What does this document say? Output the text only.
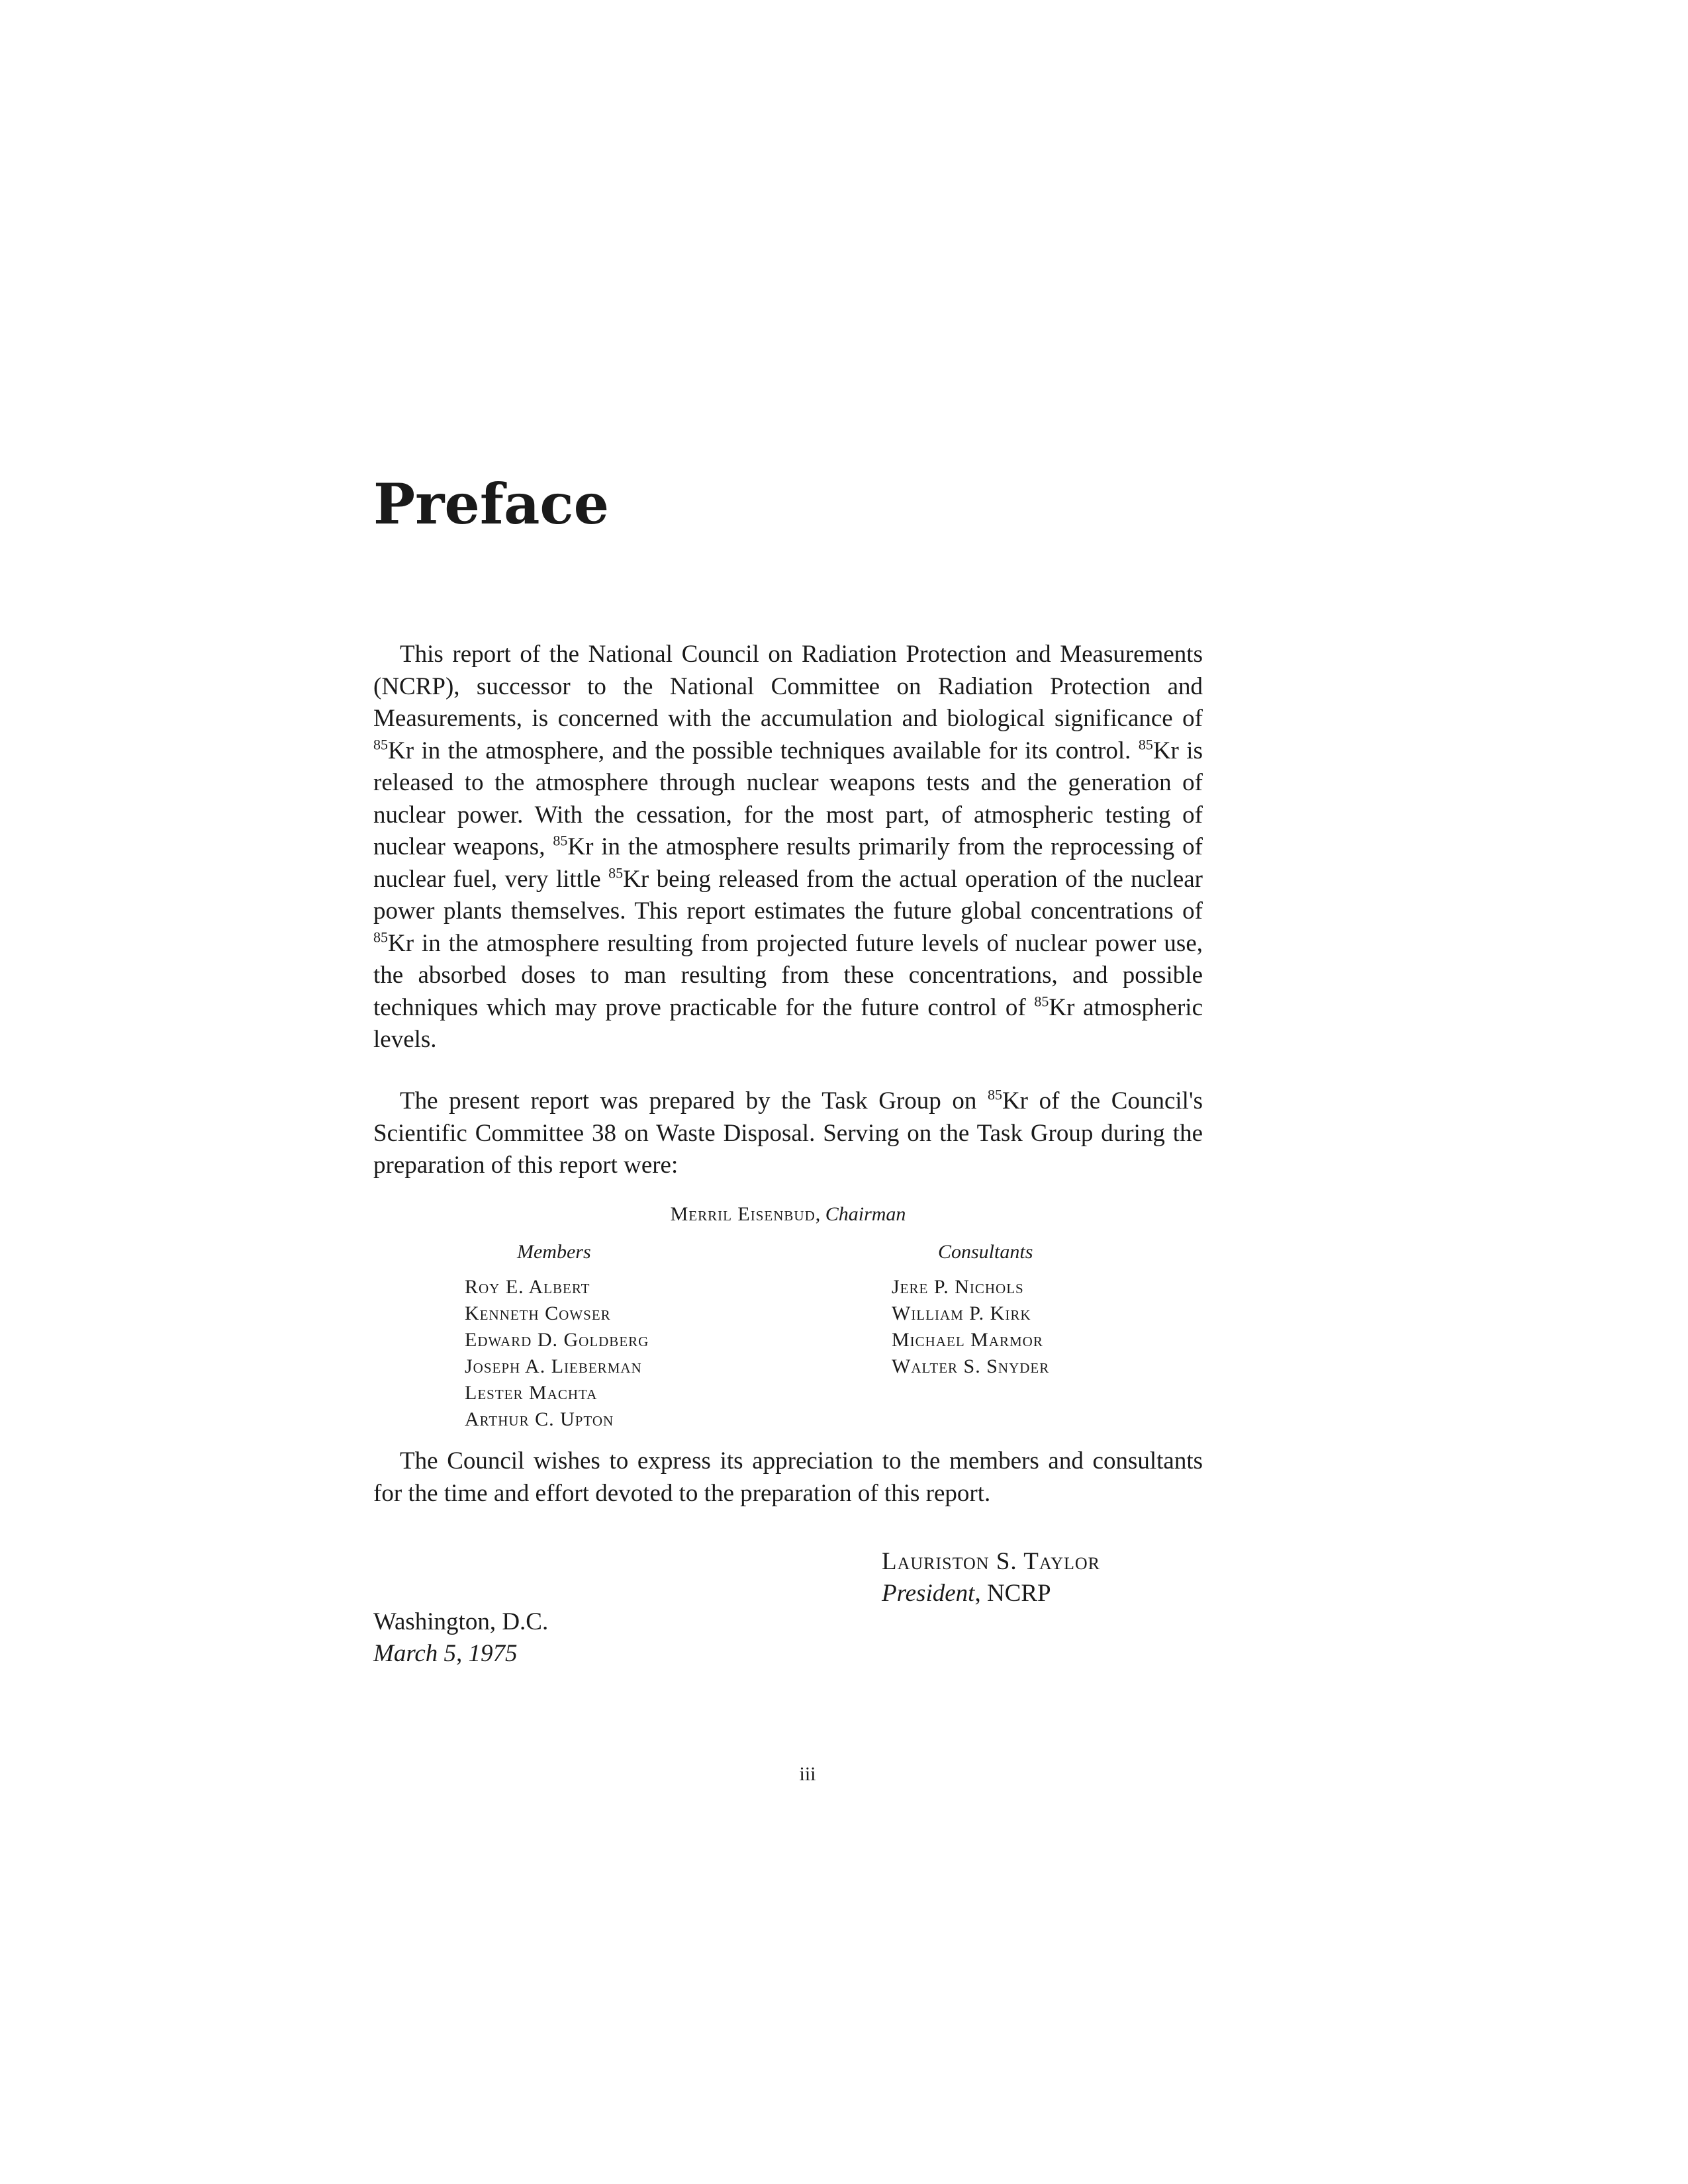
Preface

This report of the National Council on Radiation Protection and Measurements (NCRP), successor to the National Committee on Radiation Protection and Measurements, is concerned with the accumulation and biological significance of $^{85}$Kr in the atmosphere, and the possible techniques available for its control. $^{85}$Kr is released to the atmosphere through nuclear weapons tests and the generation of nuclear power. With the cessation, for the most part, of atmospheric testing of nuclear weapons, $^{85}$Kr in the atmosphere results primarily from the reprocessing of nuclear fuel, very little $^{85}$Kr being released from the actual operation of the nuclear power plants themselves. This report estimates the future global concentrations of $^{85}$Kr in the atmosphere resulting from projected future levels of nuclear power use, the absorbed doses to man resulting from these concentrations, and possible techniques which may prove practicable for the future control of $^{85}$Kr atmospheric levels.

The present report was prepared by the Task Group on $^{85}$Kr of the Council's Scientific Committee 38 on Waste Disposal. Serving on the Task Group during the preparation of this report were:

Merril Eisenbud, Chairman
Members	Consultants
Roy E. Albert
Kenneth Cowser
Edward D. Goldberg
Joseph A. Lieberman
Lester Machta
Arthur C. Upton
Jere P. Nichols
William P. Kirk
Michael Marmor
Walter S. Snyder

The Council wishes to express its appreciation to the members and consultants for the time and effort devoted to the preparation of this report.

Lauriston S. Taylor
President, NCRP
Washington, D.C.
March 5, 1975
iii
